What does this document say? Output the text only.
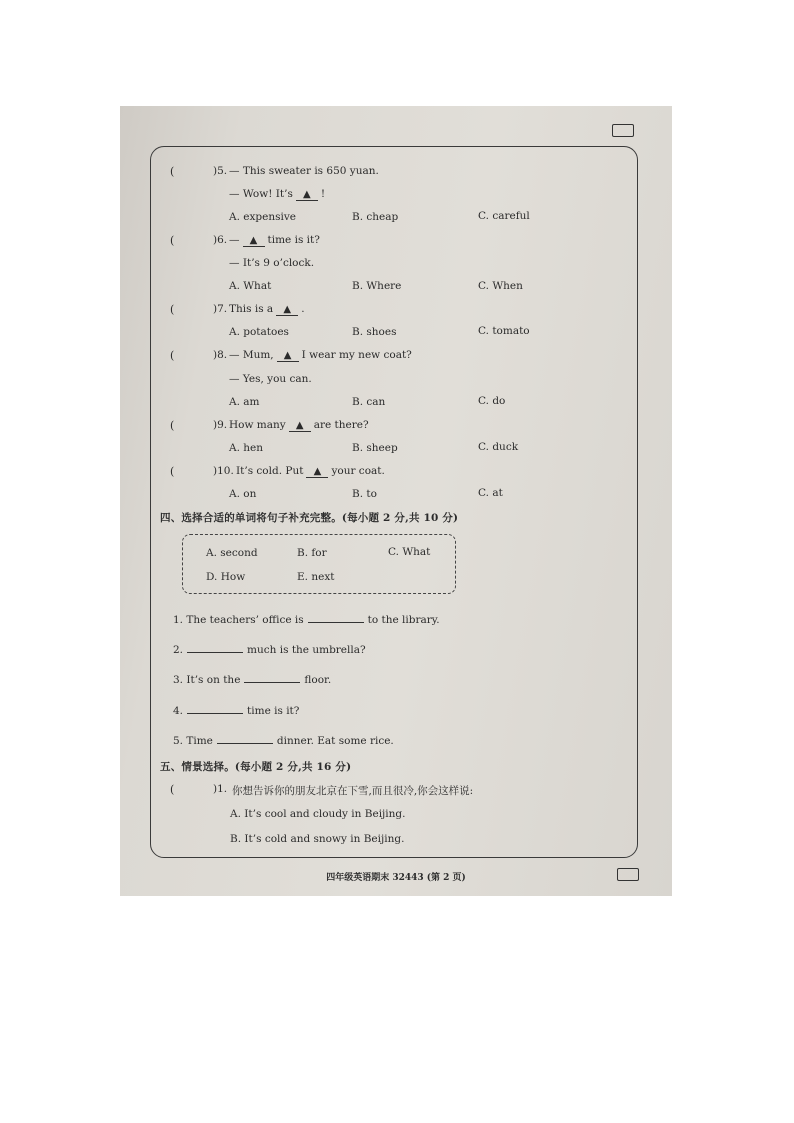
(	)5. — This sweater is 650 yuan.
— Wow! It’s ▲ !
A. expensive	B. cheap	C. careful
(	)6. — ▲ time is it?
— It’s 9 o’clock.
A. What	B. Where	C. When
(	)7. This is a ▲ .
A. potatoes	B. shoes	C. tomato
(	)8. — Mum, ▲ I wear my new coat?
— Yes, you can.
A. am	B. can	C. do
(	)9. How many ▲ are there?
A. hen	B. sheep	C. duck
(	)10. It’s cold. Put ▲ your coat.
A. on	B. to	C. at
四、选择合适的单词将句子补充完整。(每小题 2 分,共 10 分)
A. second	B. for	C. What
D. How	E. next
1. The teachers’ office is	to the library.
2.	much is the umbrella?
3. It’s on the	floor.
4.	time is it?
5. Time	dinner. Eat some rice.
五、情景选择。(每小题 2 分,共 16 分)
(	)1. 你想告诉你的朋友北京在下雪,而且很冷,你会这样说:
A. It’s cool and cloudy in Beijing.
B. It’s cold and snowy in Beijing.
四年级英语期末 32443 (第 2 页)
